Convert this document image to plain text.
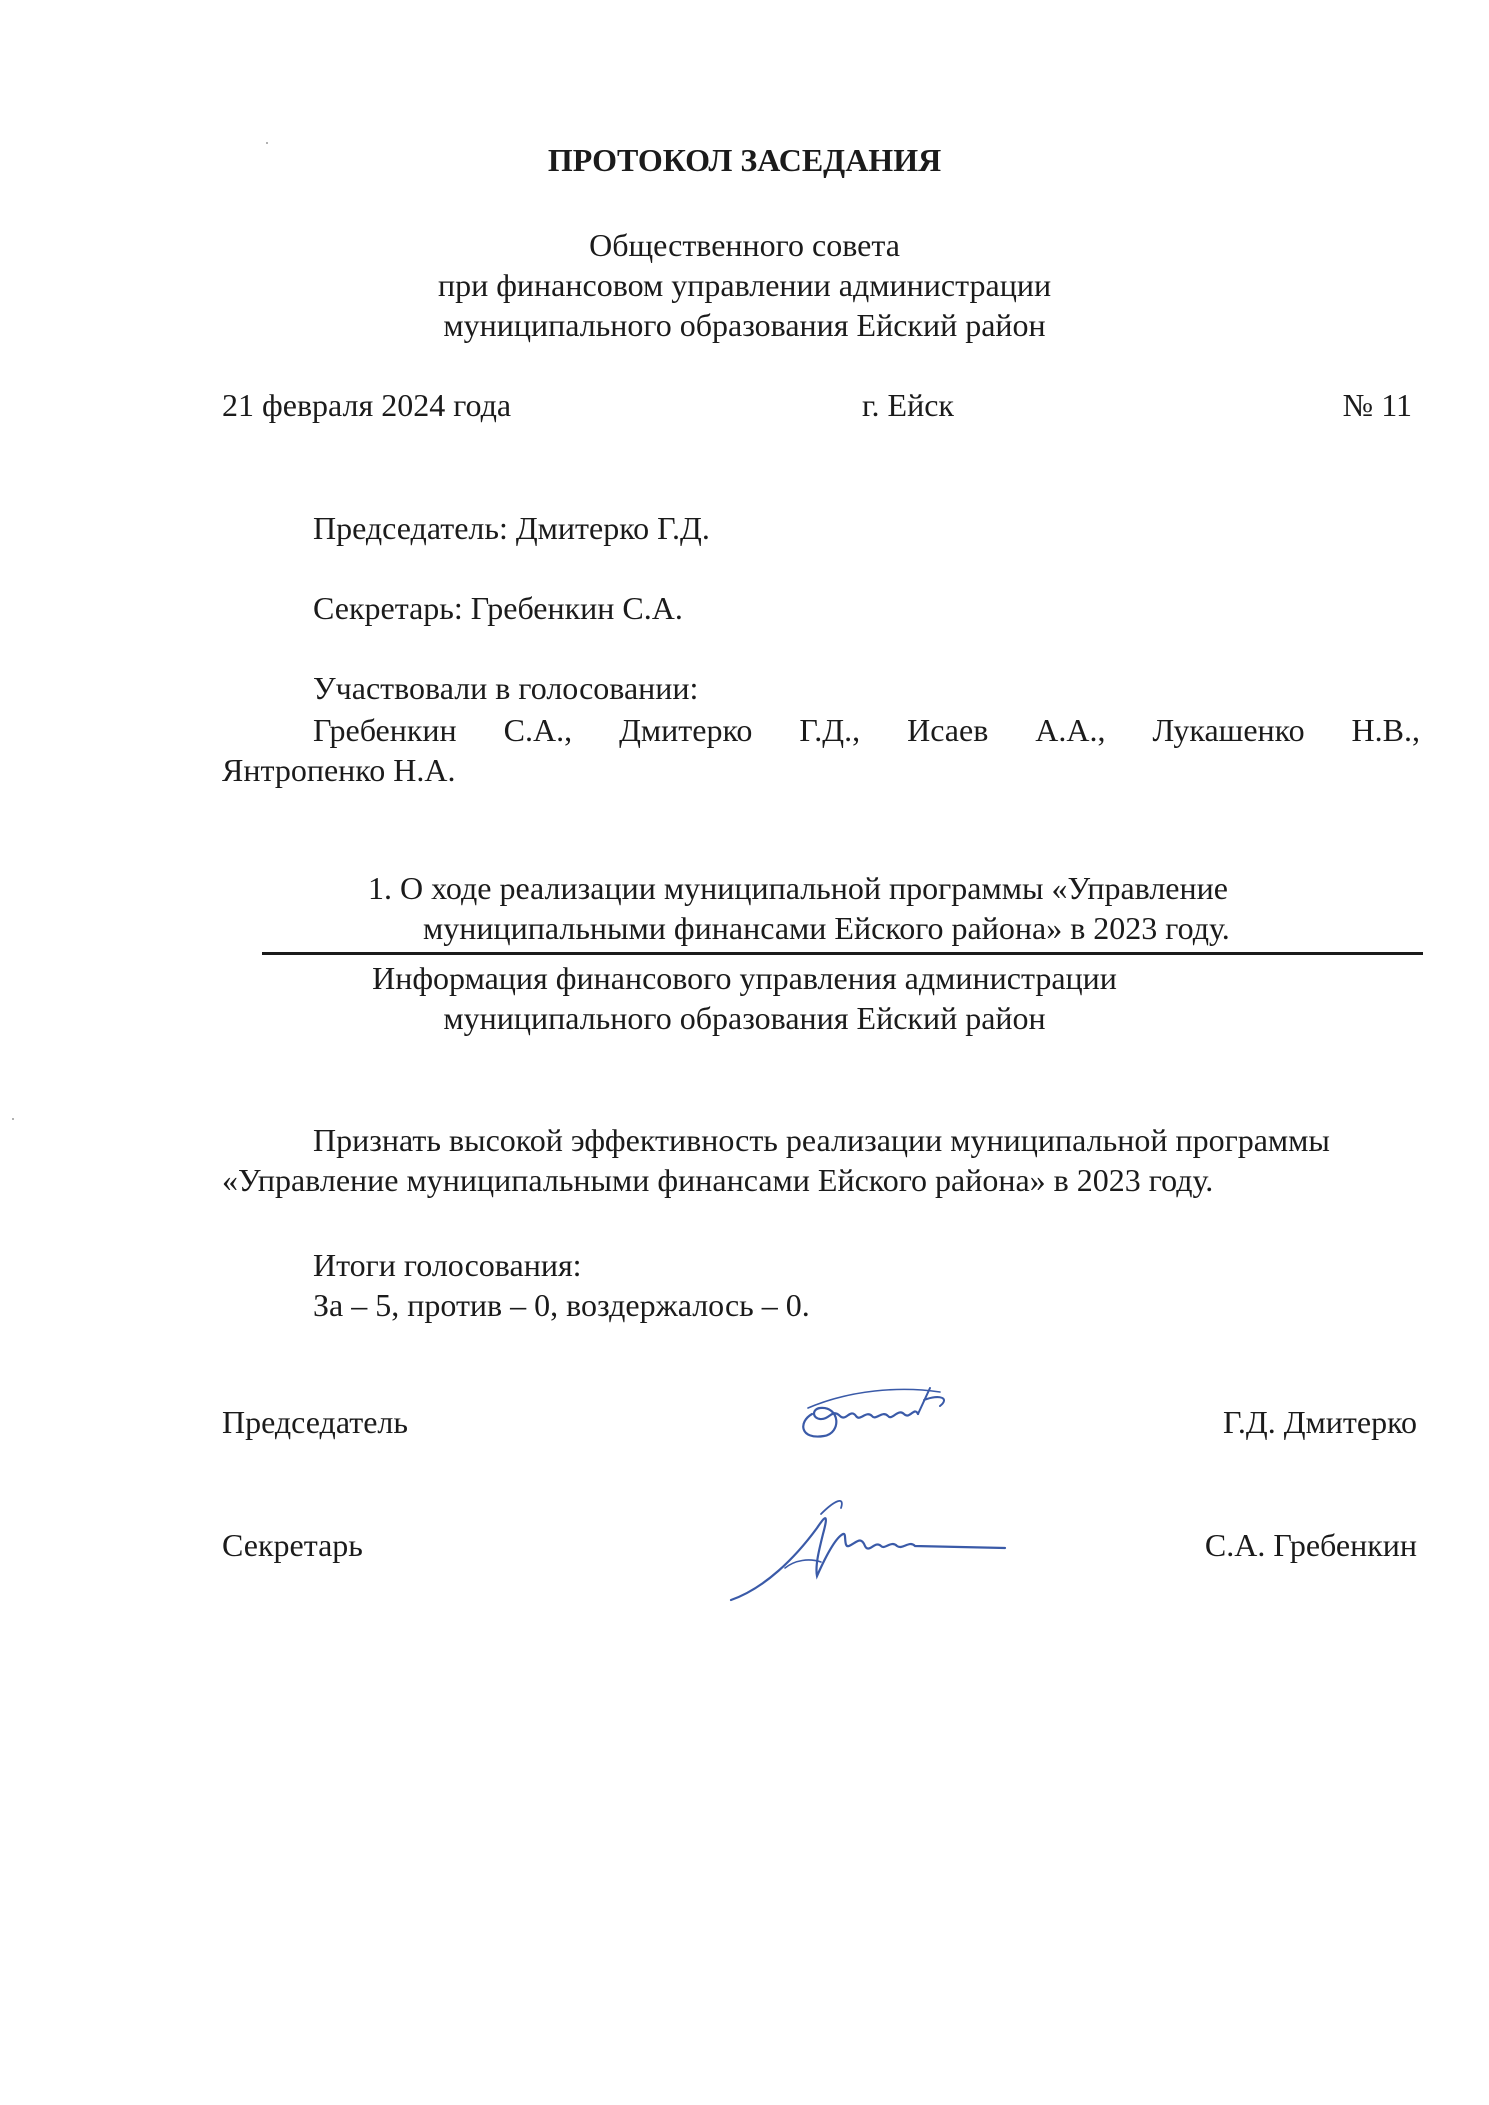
ПРОТОКОЛ ЗАСЕДАНИЯ
Общественного совета
при финансовом управлении администрации
муниципального образования Ейский район
21 февраля 2024 года	г. Ейск	№ 11
Председатель: Дмитерко Г.Д.
Секретарь: Гребенкин С.А.
Участвовали в голосовании:
Гребенкин С.А., Дмитерко Г.Д., Исаев А.А., Лукашенко Н.В.,
Янтропенко Н.А.
1. О ходе реализации муниципальной программы «Управление
муниципальными финансами Ейского района» в 2023 году.
Информация финансового управления администрации
муниципального образования Ейский район
Признать высокой эффективность реализации муниципальной программы
«Управление муниципальными финансами Ейского района» в 2023 году.
Итоги голосования:
За – 5, против – 0, воздержалось – 0.
Председатель	Г.Д. Дмитерко
Секретарь	С.А. Гребенкин
